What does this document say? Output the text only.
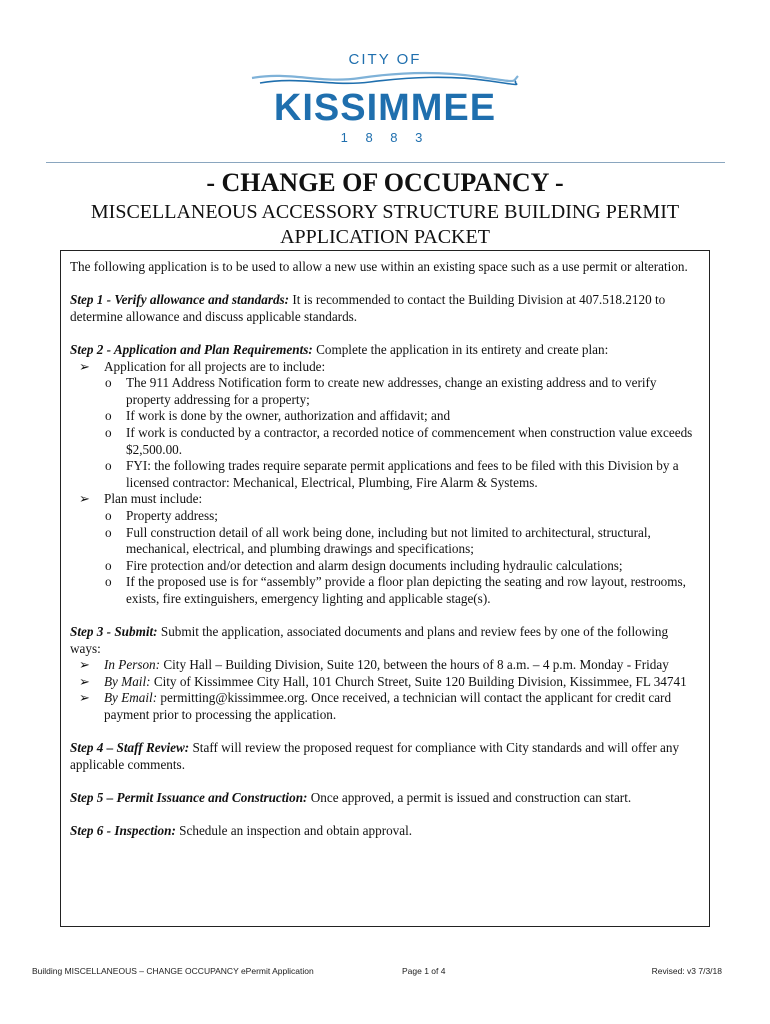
CITY OF
KISSIMMEE
1 8 8 3
- CHANGE OF OCCUPANCY -
MISCELLANEOUS ACCESSORY STRUCTURE BUILDING PERMIT
APPLICATION PACKET

The following application is to be used to allow a new use within an existing space such as a use permit or alteration.

Step 1 - Verify allowance and standards: It is recommended to contact the Building Division at 407.518.2120 to determine allowance and discuss applicable standards.

Step 2 - Application and Plan Requirements: Complete the application in its entirety and create plan:
➢ Application for all projects are to include:
o The 911 Address Notification form to create new addresses, change an existing address and to verify property addressing for a property;
o If work is done by the owner, authorization and affidavit; and
o If work is conducted by a contractor, a recorded notice of commencement when construction value exceeds $2,500.00.
o FYI: the following trades require separate permit applications and fees to be filed with this Division by a licensed contractor: Mechanical, Electrical, Plumbing, Fire Alarm & Systems.
➢ Plan must include:
o Property address;
o Full construction detail of all work being done, including but not limited to architectural, structural, mechanical, electrical, and plumbing drawings and specifications;
o Fire protection and/or detection and alarm design documents including hydraulic calculations;
o If the proposed use is for “assembly” provide a floor plan depicting the seating and row layout, restrooms, exists, fire extinguishers, emergency lighting and applicable stage(s).
Step 3 - Submit: Submit the application, associated documents and plans and review fees by one of the following ways:
➢ In Person: City Hall – Building Division, Suite 120, between the hours of 8 a.m. – 4 p.m. Monday - Friday
➢ By Mail: City of Kissimmee City Hall, 101 Church Street, Suite 120 Building Division, Kissimmee, FL 34741
➢ By Email: permitting@kissimmee.org. Once received, a technician will contact the applicant for credit card payment prior to processing the application.

Step 4 – Staff Review: Staff will review the proposed request for compliance with City standards and will offer any applicable comments.

Step 5 – Permit Issuance and Construction: Once approved, a permit is issued and construction can start.

Step 6 - Inspection: Schedule an inspection and obtain approval.

Building MISCELLANEOUS – CHANGE OCCUPANCY ePermit Application	Page 1 of 4	Revised: v3 7/3/18
